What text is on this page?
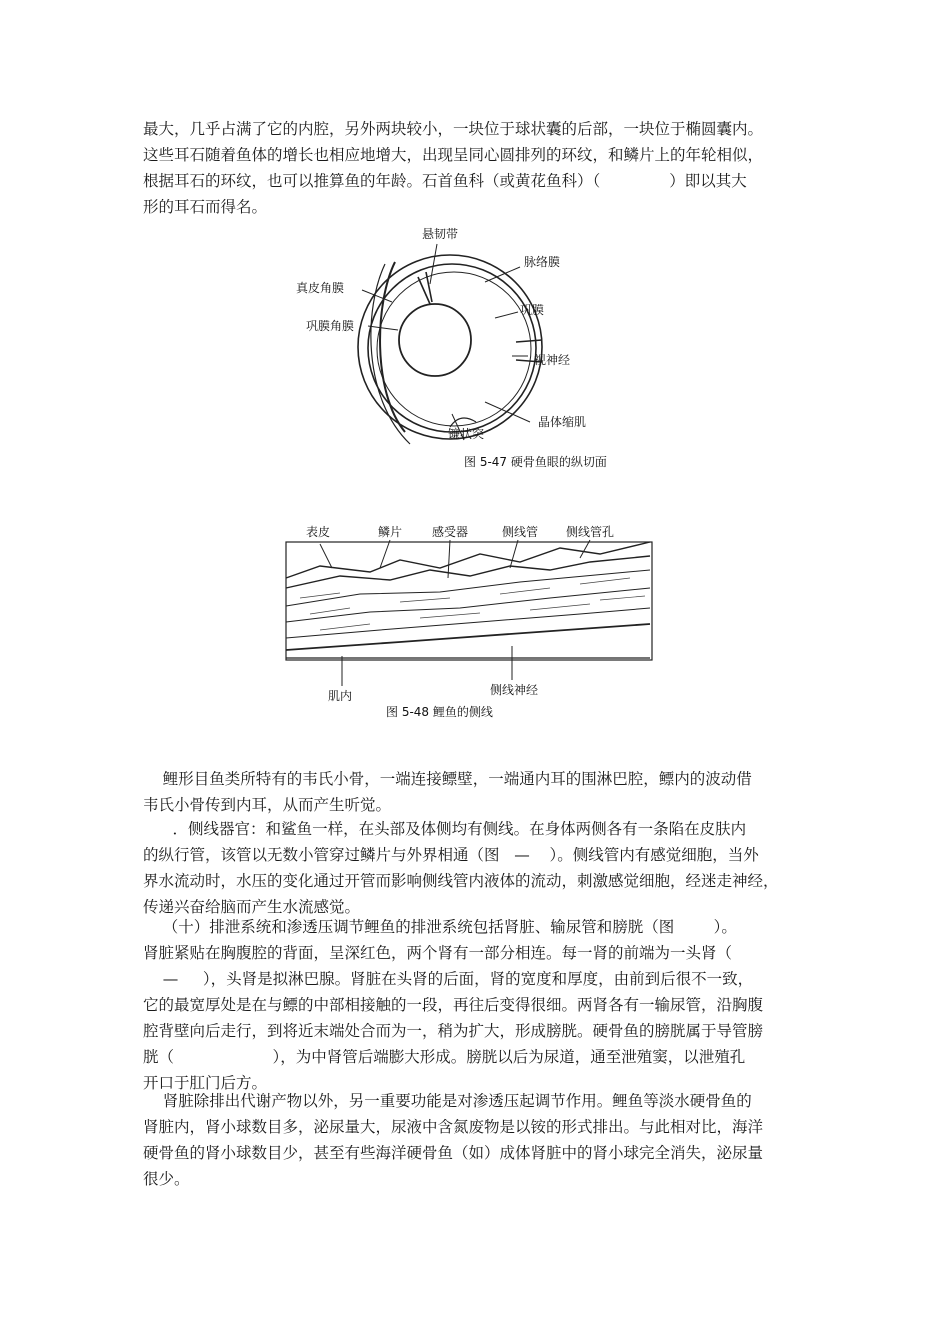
最大，几乎占满了它的内腔，另外两块较小，一块位于球状囊的后部，一块位于椭圆囊内。
这些耳石随着鱼体的增长也相应地增大，出现呈同心圆排列的环纹，和鳞片上的年轮相似，
根据耳石的环纹，也可以推算鱼的年龄。石首鱼科（或黄花鱼科）（              ）即以其大
形的耳石而得名。
悬韧带
脉络膜
真皮角膜
巩膜
巩膜角膜
视神经
晶体缩肌
镰状突
图 5-47 硬骨鱼眼的纵切面
表皮	鳞片 感受器	侧线管 侧线管孔
侧线神经
肌内
图 5-48 鲤鱼的侧线
鲤形目鱼类所特有的韦氏小骨，一端连接鳔壁，一端通内耳的围淋巴腔，鳔内的波动借
韦氏小骨传到内耳，从而产生听觉。
．侧线器官：和鲨鱼一样，在头部及体侧均有侧线。在身体两侧各有一条陷在皮肤内
的纵行管，该管以无数小管穿过鳞片与外界相通（图   —    ）。侧线管内有感觉细胞，当外
界水流动时，水压的变化通过开管而影响侧线管内液体的流动，刺激感觉细胞，经迷走神经，
传递兴奋给脑而产生水流感觉。
（十）排泄系统和渗透压调节鲤鱼的排泄系统包括肾脏、输尿管和膀胱（图        ）。
肾脏紧贴在胸腹腔的背面，呈深红色，两个肾有一部分相连。每一肾的前端为一头肾（
—     ），头肾是拟淋巴腺。肾脏在头肾的后面，肾的宽度和厚度，由前到后很不一致，
它的最宽厚处是在与鳔的中部相接触的一段，再往后变得很细。两肾各有一输尿管，沿胸腹
腔背壁向后走行，到将近末端处合而为一，稍为扩大，形成膀胱。硬骨鱼的膀胱属于导管膀
胱（                    ），为中肾管后端膨大形成。膀胱以后为尿道，通至泄殖窦，以泄殖孔
开口于肛门后方。
肾脏除排出代谢产物以外，另一重要功能是对渗透压起调节作用。鲤鱼等淡水硬骨鱼的
肾脏内，肾小球数目多，泌尿量大，尿液中含氮废物是以铵的形式排出。与此相对比，海洋
硬骨鱼的肾小球数目少，甚至有些海洋硬骨鱼（如）成体肾脏中的肾小球完全消失，泌尿量
很少。
